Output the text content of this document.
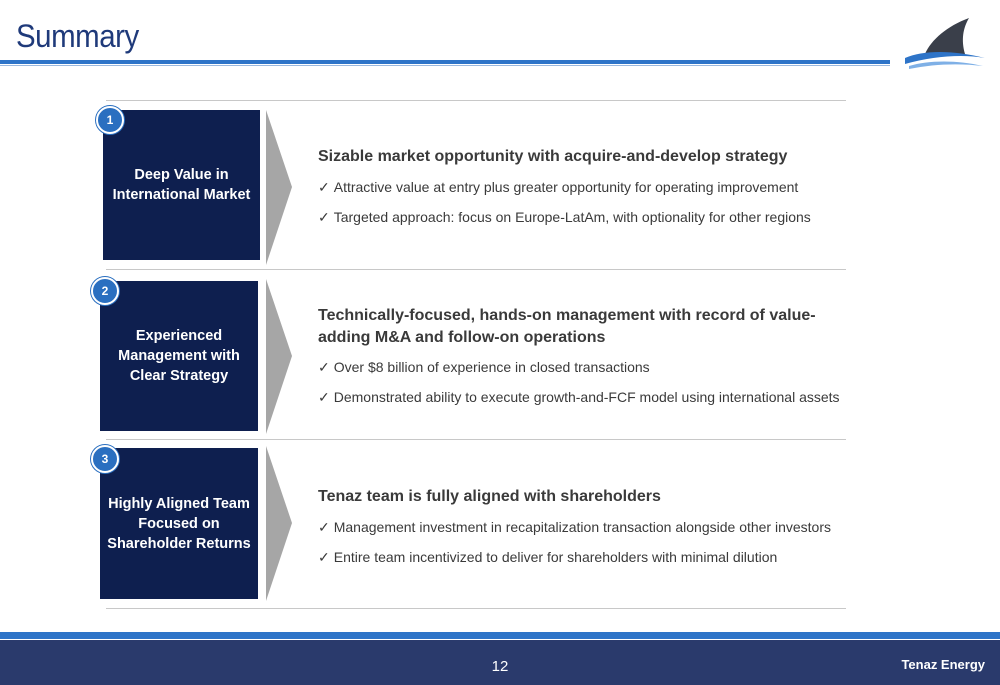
Summary
Deep Value in
International Market
1
Sizable market opportunity with acquire-and-develop strategy
✓ Attractive value at entry plus greater opportunity for operating improvement
✓ Targeted approach: focus on Europe-LatAm, with optionality for other regions
Experienced
Management with
Clear Strategy
2
Technically-focused, hands-on management with record of value-adding M&A and follow-on operations
✓ Over $8 billion of experience in closed transactions
✓ Demonstrated ability to execute growth-and-FCF model using international assets
Highly Aligned Team
Focused on
Shareholder Returns
3
Tenaz team is fully aligned with shareholders
✓ Management investment in recapitalization transaction alongside other investors
✓ Entire team incentivized to deliver for shareholders with minimal dilution
12	Tenaz Energy
